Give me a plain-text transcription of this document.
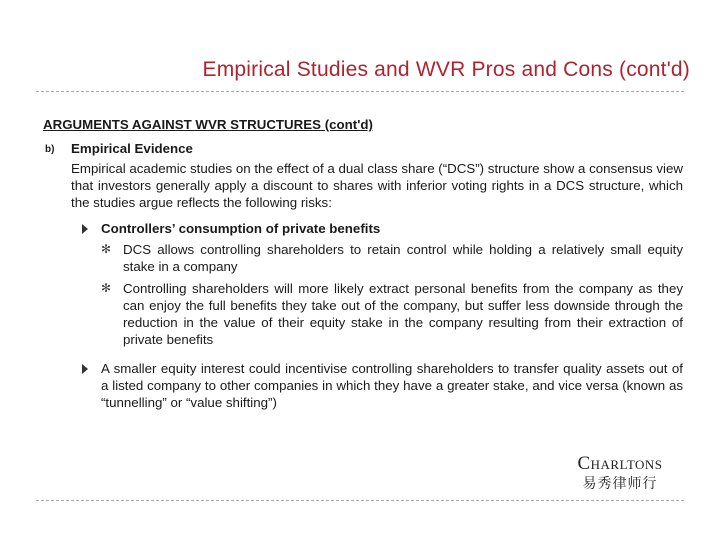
Empirical Studies and WVR Pros and Cons (cont'd)
ARGUMENTS AGAINST WVR STRUCTURES (cont'd)
b) Empirical Evidence
Empirical academic studies on the effect of a dual class share (“DCS”) structure show a consensus view that investors generally apply a discount to shares with inferior voting rights in a DCS structure, which the studies argue reflects the following risks:
Controllers’ consumption of private benefits
✻ DCS allows controlling shareholders to retain control while holding a relatively small equity stake in a company
✻ Controlling shareholders will more likely extract personal benefits from the company as they can enjoy the full benefits they take out of the company, but suffer less downside through the reduction in the value of their equity stake in the company resulting from their extraction of private benefits
A smaller equity interest could incentivise controlling shareholders to transfer quality assets out of a listed company to other companies in which they have a greater stake, and vice versa (known as “tunnelling” or “value shifting”)
Charltons
易秀律师行
